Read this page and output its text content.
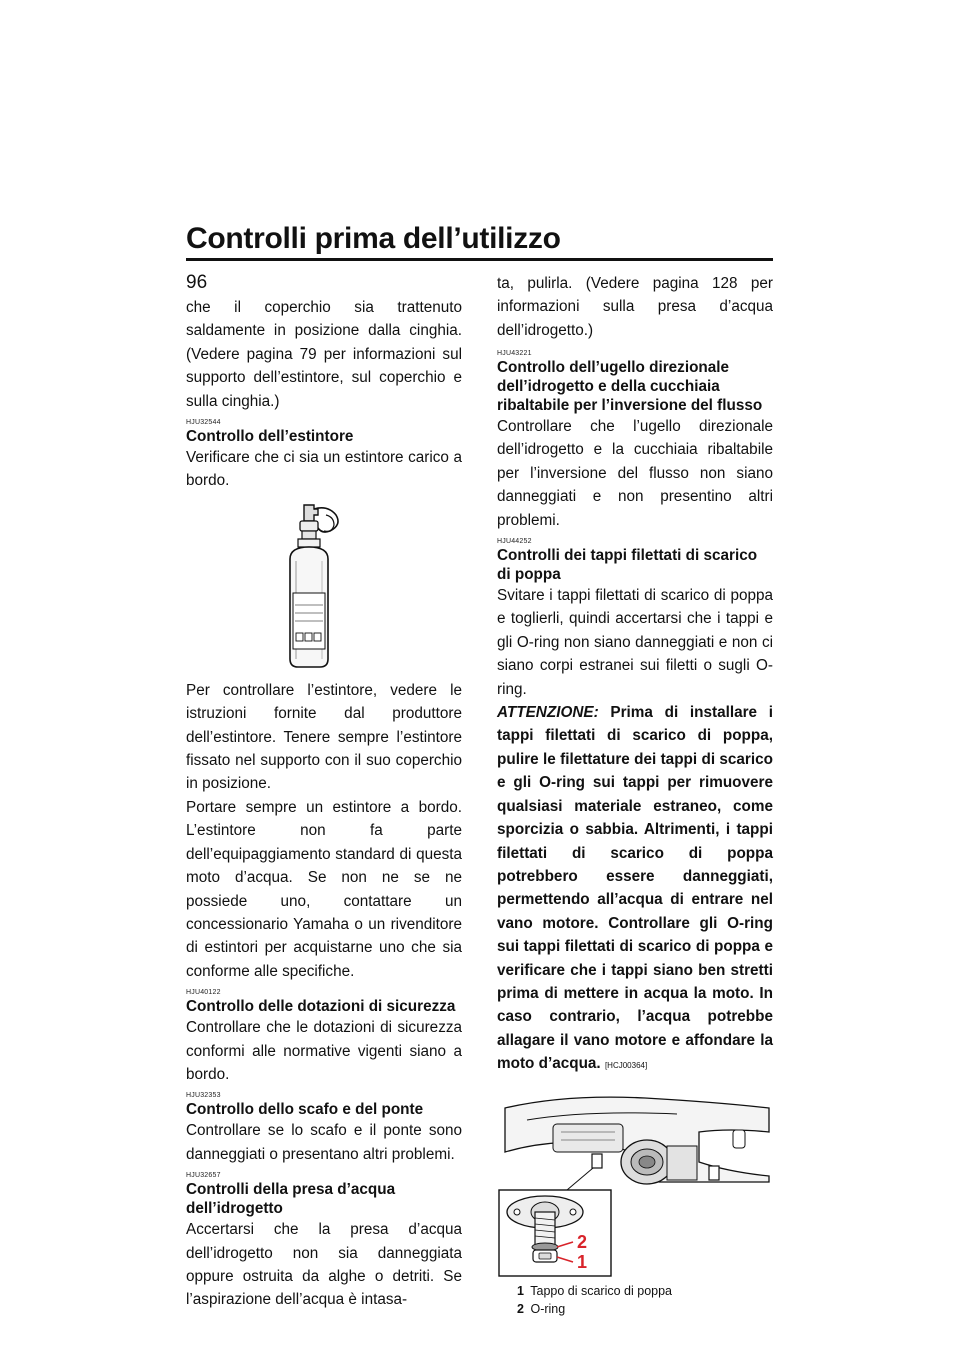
Controlli prima dell’utilizzo
96

che il coperchio sia trattenuto saldamente in posizione dalla cinghia. (Vedere pagina 79 per informazioni sul supporto dell’estintore, sul coperchio e sulla cinghia.)

HJU32544
Controllo dell’estintore

Verificare che ci sia un estintore carico a bordo.

Per controllare l’estintore, vedere le istruzioni fornite dal produttore dell’estintore. Tenere sempre l’estintore fissato nel supporto con il suo coperchio in posizione.

Portare sempre un estintore a bordo. L’estintore non fa parte dell’equipaggiamento standard di questa moto d’acqua. Se non ne se ne possiede uno, contattare un concessionario Yamaha o un rivenditore di estintori per acquistarne uno che sia conforme alle specifiche.

HJU40122
Controllo delle dotazioni di sicurezza

Controllare che le dotazioni di sicurezza conformi alle normative vigenti siano a bordo.

HJU32353
Controllo dello scafo e del ponte

Controllare se lo scafo e il ponte sono danneggiati o presentano altri problemi.

HJU32657
Controlli della presa d’acqua dell’idrogetto

Accertarsi che la presa d’acqua dell’idrogetto non sia danneggiata oppure ostruita da alghe o detriti. Se l’aspirazione dell’acqua è intasa-

HJU43221
Controllo dell’ugello direzionale dell’idrogetto e della cucchiaia ribaltabile per l’inversione del flusso

Controllare che l’ugello direzionale dell’idrogetto e la cucchiaia ribaltabile per l’inversione del flusso non siano danneggiati e non presentino altri problemi.

HJU44252
Controlli dei tappi filettati di scarico di poppa

Svitare i tappi filettati di scarico di poppa e toglierli, quindi accertarsi che i tappi e gli O-ring non siano danneggiati e non ci siano corpi estranei sui filetti o sugli O-ring.

ATTENZIONE: Prima di installare i tappi filettati di scarico di poppa, pulire le filettature dei tappi di scarico e gli O-ring sui tappi per rimuovere qualsiasi materiale estraneo, come sporcizia o sabbia. Altrimenti, i tappi filettati di scarico di poppa potrebbero essere danneggiati, permettendo all’acqua di entrare nel vano motore. Controllare gli O-ring sui tappi filettati di scarico di poppa e verificare che i tappi siano ben stretti prima di mettere in acqua la moto. In caso contrario, l’acqua potrebbe allagare il vano motore e affondare la moto d’acqua. [HCJ00364]

2
1
1 Tappo di scarico di poppa
2 O-ring

ta, pulirla. (Vedere pagina 128 per informazioni sulla presa d’acqua dell’idrogetto.)
